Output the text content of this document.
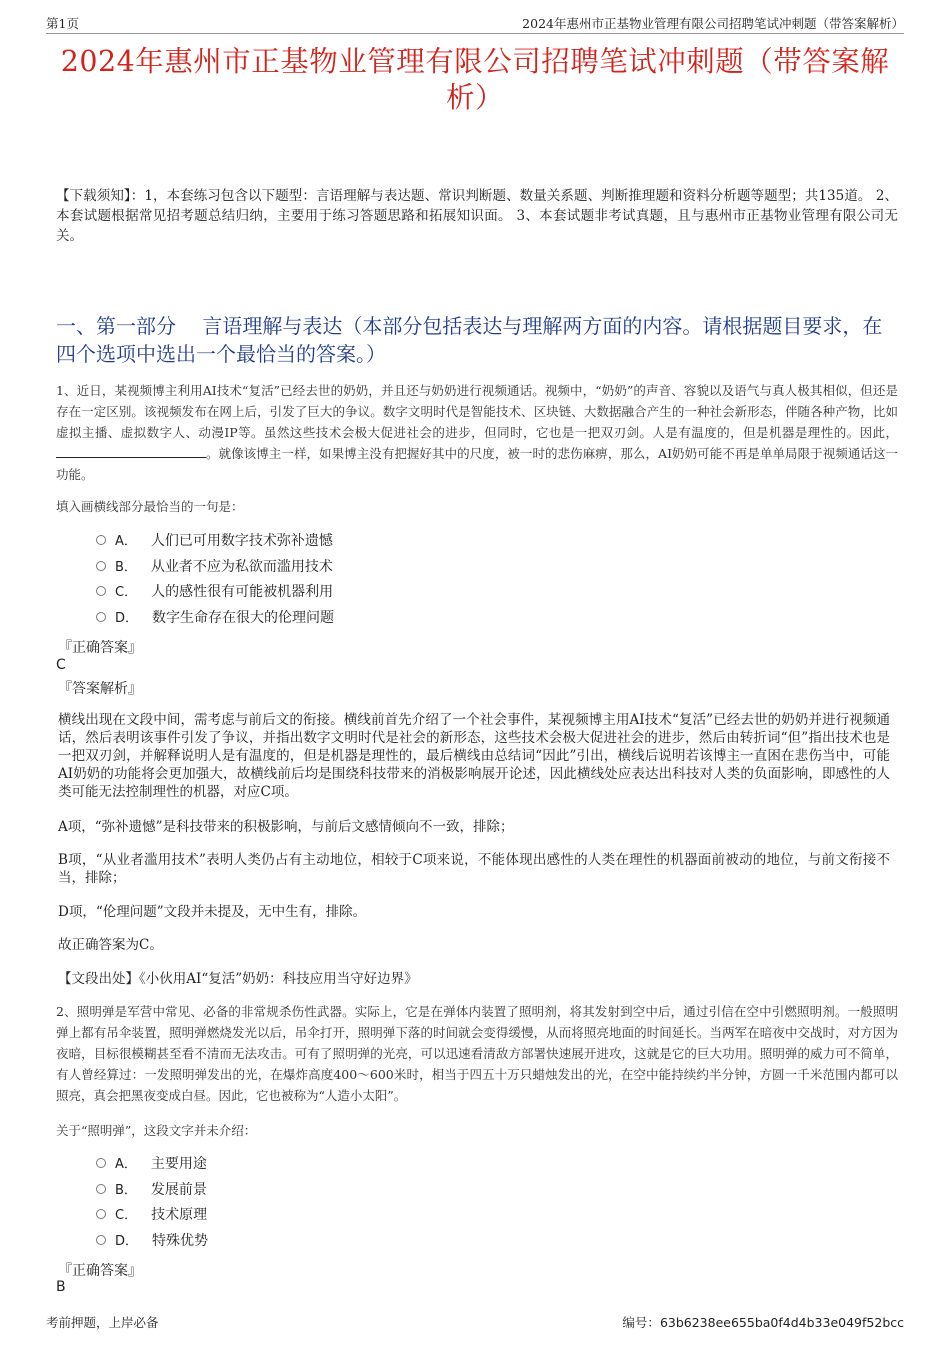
第1页	2024年惠州市正基物业管理有限公司招聘笔试冲刺题（带答案解析）
2024年惠州市正基物业管理有限公司招聘笔试冲刺题（带答案解析）
【下载须知】：1，本套练习包含以下题型：言语理解与表达题、常识判断题、数量关系题、判断推理题和资料分析题等题型；共135道。 2、本套试题根据常见招考题总结归纳，主要用于练习答题思路和拓展知识面。 3、本套试题非考试真题，且与惠州市正基物业管理有限公司无关。
一、第一部分　 言语理解与表达（本部分包括表达与理解两方面的内容。请根据题目要求，在四个选项中选出一个最恰当的答案。）
1、近日，某视频博主利用AI技术“复活”已经去世的奶奶，并且还与奶奶进行视频通话。视频中，“奶奶”的声音、容貌以及语气与真人极其相似，但还是存在一定区别。该视频发布在网上后，引发了巨大的争议。数字文明时代是智能技术、区块链、大数据融合产生的一种社会新形态，伴随各种产物，比如虚拟主播、虚拟数字人、动漫IP等。虽然这些技术会极大促进社会的进步，但同时，它也是一把双刃剑。人是有温度的，但是机器是理性的。因此，。就像该博主一样，如果博主没有把握好其中的尺度，被一时的悲伤麻痹，那么，AI奶奶可能不再是单单局限于视频通话这一功能。
填入画横线部分最恰当的一句是：
A． 人们已可用数字技术弥补遗憾
B． 从业者不应为私欲而滥用技术
C． 人的感性很有可能被机器利用
D． 数字生命存在很大的伦理问题
『正确答案』
C
『答案解析』
横线出现在文段中间，需考虑与前后文的衔接。横线前首先介绍了一个社会事件，某视频博主用AI技术“复活”已经去世的奶奶并进行视频通话，然后表明该事件引发了争议，并指出数字文明时代是社会的新形态，这些技术会极大促进社会的进步，然后由转折词“但”指出技术也是一把双刃剑，并解释说明人是有温度的，但是机器是理性的，最后横线由总结词“因此”引出，横线后说明若该博主一直困在悲伤当中，可能AI奶奶的功能将会更加强大，故横线前后均是围绕科技带来的消极影响展开论述，因此横线处应表达出科技对人类的负面影响，即感性的人类可能无法控制理性的机器，对应C项。
A项，“弥补遗憾”是科技带来的积极影响，与前后文感情倾向不一致，排除；
B项，“从业者滥用技术”表明人类仍占有主动地位，相较于C项来说，不能体现出感性的人类在理性的机器面前被动的地位，与前文衔接不当，排除；
D项，“伦理问题”文段并未提及，无中生有，排除。
故正确答案为C。
【文段出处】《小伙用AI“复活”奶奶：科技应用当守好边界》
2、照明弹是军营中常见、必备的非常规杀伤性武器。实际上，它是在弹体内装置了照明剂，将其发射到空中后，通过引信在空中引燃照明剂。一般照明弹上都有吊伞装置，照明弹燃烧发光以后，吊伞打开，照明弹下落的时间就会变得缓慢，从而将照亮地面的时间延长。当两军在暗夜中交战时，对方因为夜暗，目标很模糊甚至看不清而无法攻击。可有了照明弹的光亮，可以迅速看清敌方部署快速展开进攻，这就是它的巨大功用。照明弹的威力可不简单，有人曾经算过：一发照明弹发出的光，在爆炸高度400～600米时，相当于四五十万只蜡烛发出的光，在空中能持续约半分钟，方圆一千米范围内都可以照亮，真会把黑夜变成白昼。因此，它也被称为“人造小太阳”。
关于“照明弹”，这段文字并未介绍：
A． 主要用途
B． 发展前景
C． 技术原理
D． 特殊优势
『正确答案』
B
考前押题，上岸必备	编号：63b6238ee655ba0f4d4b33e049f52bcc
